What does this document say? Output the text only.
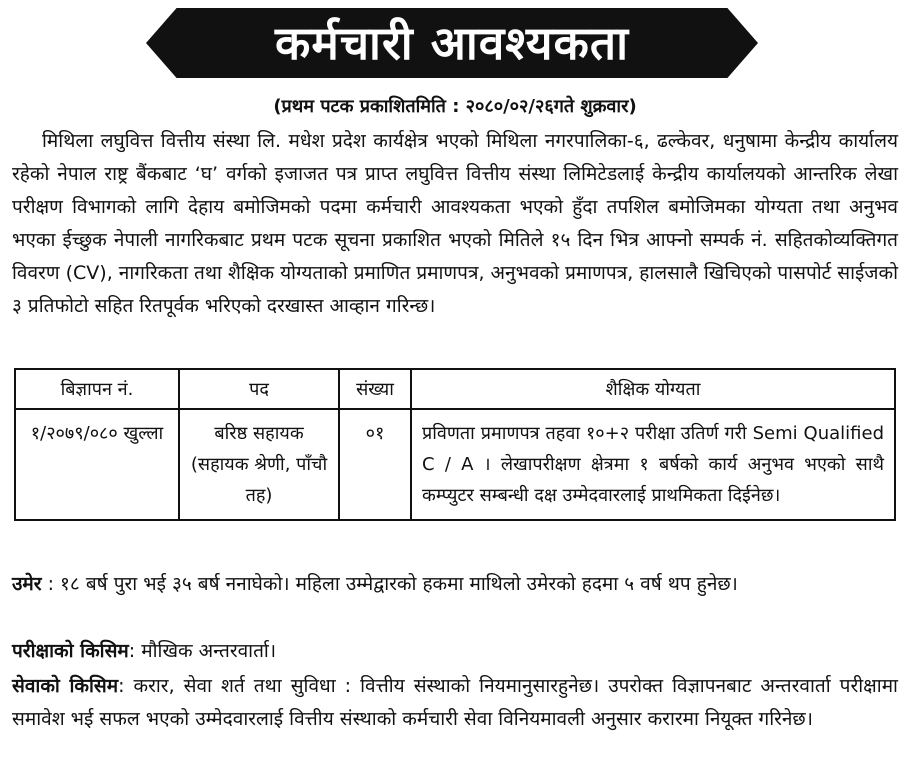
कर्मचारी आवश्यकता
(प्रथम पटक प्रकाशितमिति : २०८०/०२/२६गते शुक्रवार)
मिथिला लघुवित्त वित्तीय संस्था लि. मधेश प्रदेश कार्यक्षेत्र भएको मिथिला नगरपालिका-६, ढल्केवर, धनुषामा केन्द्रीय कार्यालय रहेको नेपाल राष्ट्र बैंकबाट ‘घ’ वर्गको इजाजत पत्र प्राप्त लघुवित्त वित्तीय संस्था लिमिटेडलाई केन्द्रीय कार्यालयको आन्तरिक लेखा परीक्षण विभागको लागि देहाय बमोजिमको पदमा कर्मचारी आवश्यकता भएको हुँदा तपशिल बमोजिमका योग्यता तथा अनुभव भएका ईच्छुक नेपाली नागरिकबाट प्रथम पटक सूचना प्रकाशित भएको मितिले १५ दिन भित्र आफ्नो सम्पर्क नं. सहितकोव्यक्तिगत विवरण (CV), नागरिकता तथा शैक्षिक योग्यताको प्रमाणित प्रमाणपत्र, अनुभवको प्रमाणपत्र, हालसालै खिचिएको पासपोर्ट साईजको ३ प्रतिफोटो सहित रितपूर्वक भरिएको दरखास्त आव्हान गरिन्छ।
बिज्ञापन नं.	पद	संख्या	शैक्षिक योग्यता
१/२०७९/०८० खुल्ला	बरिष्ठ सहायक (सहायक श्रेणी, पाँचौ तह)	०१	प्रविणता प्रमाणपत्र तहवा १०+२ परीक्षा उतिर्ण गरी Semi Qualified C / A । लेखापरीक्षण क्षेत्रमा १ बर्षको कार्य अनुभव भएको साथै कम्प्युटर सम्बन्धी दक्ष उम्मेदवारलाई प्राथमिकता दिईनेछ।
उमेर : १८ बर्ष पुरा भई ३५ बर्ष ननाघेको। महिला उम्मेद्वारको हकमा माथिलो उमेरको हदमा ५ वर्ष थप हुनेछ।
परीक्षाको किसिम: मौखिक अन्तरवार्ता।
सेवाको किसिम: करार, सेवा शर्त तथा सुविधा : वित्तीय संस्थाको नियमानुसारहुनेछ। उपरोक्त विज्ञापनबाट अन्तरवार्ता परीक्षामा समावेश भई सफल भएको उम्मेदवारलाई वित्तीय संस्थाको कर्मचारी सेवा विनियमावली अनुसार करारमा नियूक्त गरिनेछ।
